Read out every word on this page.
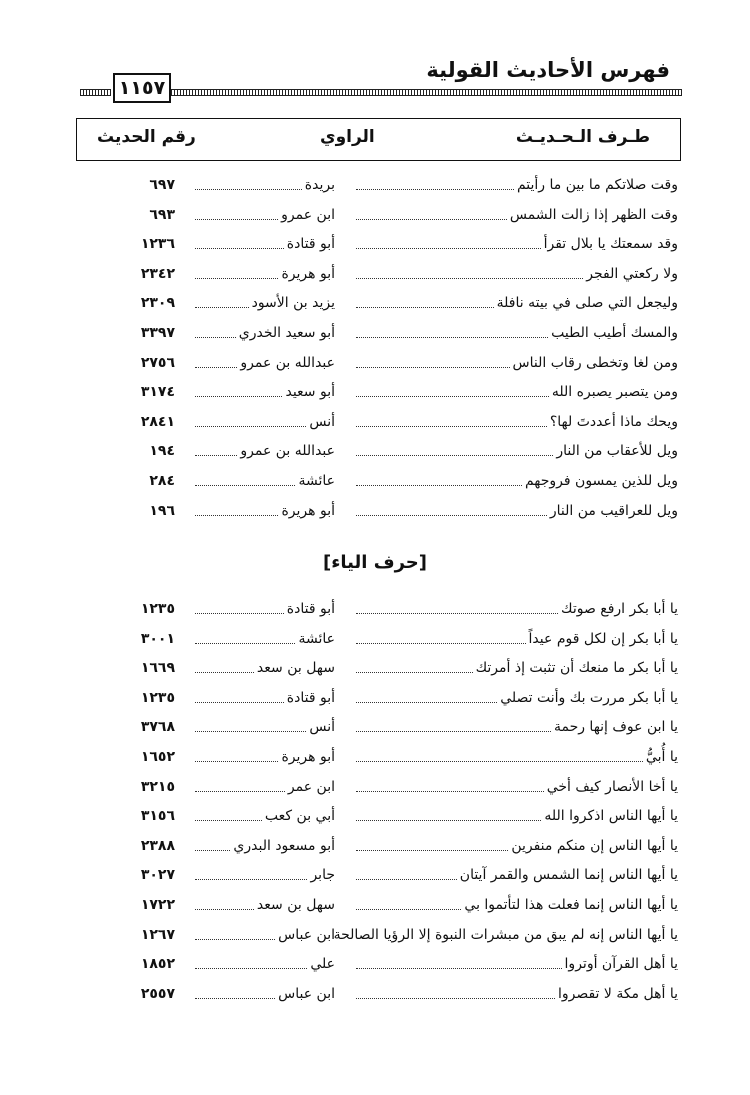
فهرس الأحاديث القولية
١١٥٧
طـرف الـحـديـث
الراوي
رقم الحديث
[حرف الياء]
وقت صلاتكم ما بين ما رأيتم
بريدة
٦٩٧
وقت الظهر إذا زالت الشمس
ابن عمرو
٦٩٣
وقد سمعتك يا بلال تقرأ
أبو قتادة
١٢٣٦
ولا ركعتي الفجر
أبو هريرة
٢٣٤٢
وليجعل التي صلى في بيته نافلة
يزيد بن الأسود
٢٣٠٩
والمسك أطيب الطيب
أبو سعيد الخدري
٣٣٩٧
ومن لغا وتخطى رقاب الناس
عبدالله بن عمرو
٢٧٥٦
ومن يتصبر يصبره الله
أبو سعيد
٣١٧٤
ويحك ماذا أعددتَ لها؟
أنس
٢٨٤١
ويل للأعقاب من النار
عبدالله بن عمرو
١٩٤
ويل للذين يمسون فروجهم
عائشة
٢٨٤
ويل للعراقيب من النار
أبو هريرة
١٩٦
يا أبا بكر ارفع صوتك
أبو قتادة
١٢٣٥
يا أبا بكر إن لكل قوم عيداً
عائشة
٣٠٠١
يا أبا بكر ما منعك أن تثبت إذ أمرتك
سهل بن سعد
١٦٦٩
يا أبا بكر مررت بك وأنت تصلي
أبو قتادة
١٢٣٥
يا ابن عوف إنها رحمة
أنس
٣٧٦٨
يا أُبيُّ
أبو هريرة
١٦٥٢
يا أخا الأنصار كيف أخي
ابن عمر
٣٢١٥
يا أيها الناس اذكروا الله
أبي بن كعب
٣١٥٦
يا أيها الناس إن منكم منفرين
أبو مسعود البدري
٢٣٨٨
يا أيها الناس إنما الشمس والقمر آيتان
جابر
٣٠٢٧
يا أيها الناس إنما فعلت هذا لتأتموا بي
سهل بن سعد
١٧٢٢
يا أيها الناس إنه لم يبق من مبشرات النبوة إلا الرؤيا الصالحة
ابن عباس
١٢٦٧
يا أهل القرآن أوتروا
علي
١٨٥٢
يا أهل مكة لا تقصروا
ابن عباس
٢٥٥٧
